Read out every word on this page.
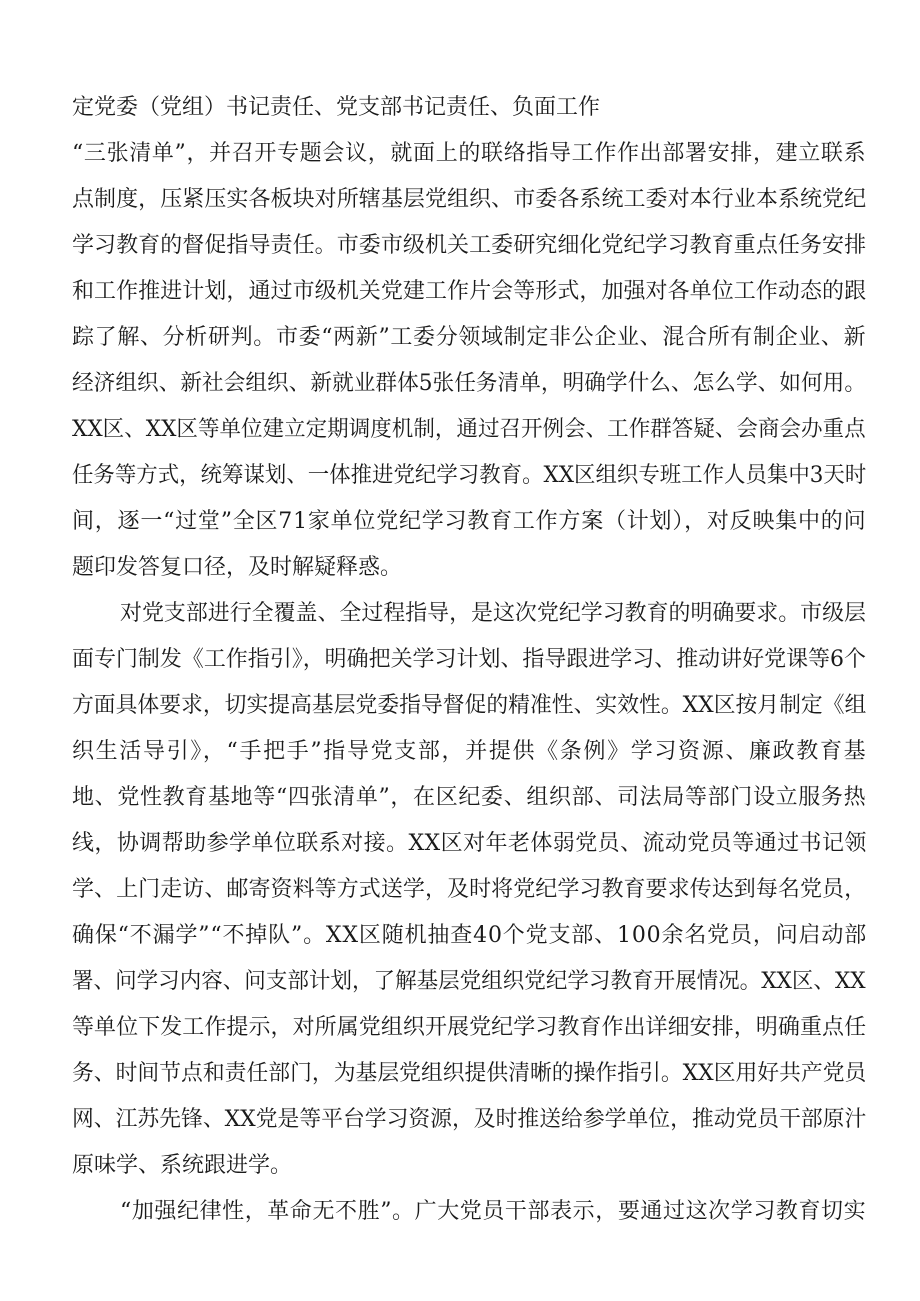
定党委（党组）书记责任、党支部书记责任、负面工作
“三张清单”，并召开专题会议，就面上的联络指导工作作出部署安排，建立联系
点制度，压紧压实各板块对所辖基层党组织、市委各系统工委对本行业本系统党纪
学习教育的督促指导责任。市委市级机关工委研究细化党纪学习教育重点任务安排
和工作推进计划，通过市级机关党建工作片会等形式，加强对各单位工作动态的跟
踪了解、分析研判。市委“两新”工委分领域制定非公企业、混合所有制企业、新
经济组织、新社会组织、新就业群体5张任务清单，明确学什么、怎么学、如何用。
XX区、XX区等单位建立定期调度机制，通过召开例会、工作群答疑、会商会办重点
任务等方式，统筹谋划、一体推进党纪学习教育。XX区组织专班工作人员集中3天时
间，逐一“过堂”全区71家单位党纪学习教育工作方案（计划），对反映集中的问
题印发答复口径，及时解疑释惑。
对党支部进行全覆盖、全过程指导，是这次党纪学习教育的明确要求。市级层
面专门制发《工作指引》，明确把关学习计划、指导跟进学习、推动讲好党课等6个
方面具体要求，切实提高基层党委指导督促的精准性、实效性。XX区按月制定《组
织生活导引》，“手把手”指导党支部，并提供《条例》学习资源、廉政教育基
地、党性教育基地等“四张清单”，在区纪委、组织部、司法局等部门设立服务热
线，协调帮助参学单位联系对接。XX区对年老体弱党员、流动党员等通过书记领
学、上门走访、邮寄资料等方式送学，及时将党纪学习教育要求传达到每名党员，
确保“不漏学”“不掉队”。XX区随机抽查40个党支部、100余名党员，问启动部
署、问学习内容、问支部计划，了解基层党组织党纪学习教育开展情况。XX区、XX
等单位下发工作提示，对所属党组织开展党纪学习教育作出详细安排，明确重点任
务、时间节点和责任部门，为基层党组织提供清晰的操作指引。XX区用好共产党员
网、江苏先锋、XX党是等平台学习资源，及时推送给参学单位，推动党员干部原汁
原味学、系统跟进学。
“加强纪律性，革命无不胜”。广大党员干部表示，要通过这次学习教育切实
